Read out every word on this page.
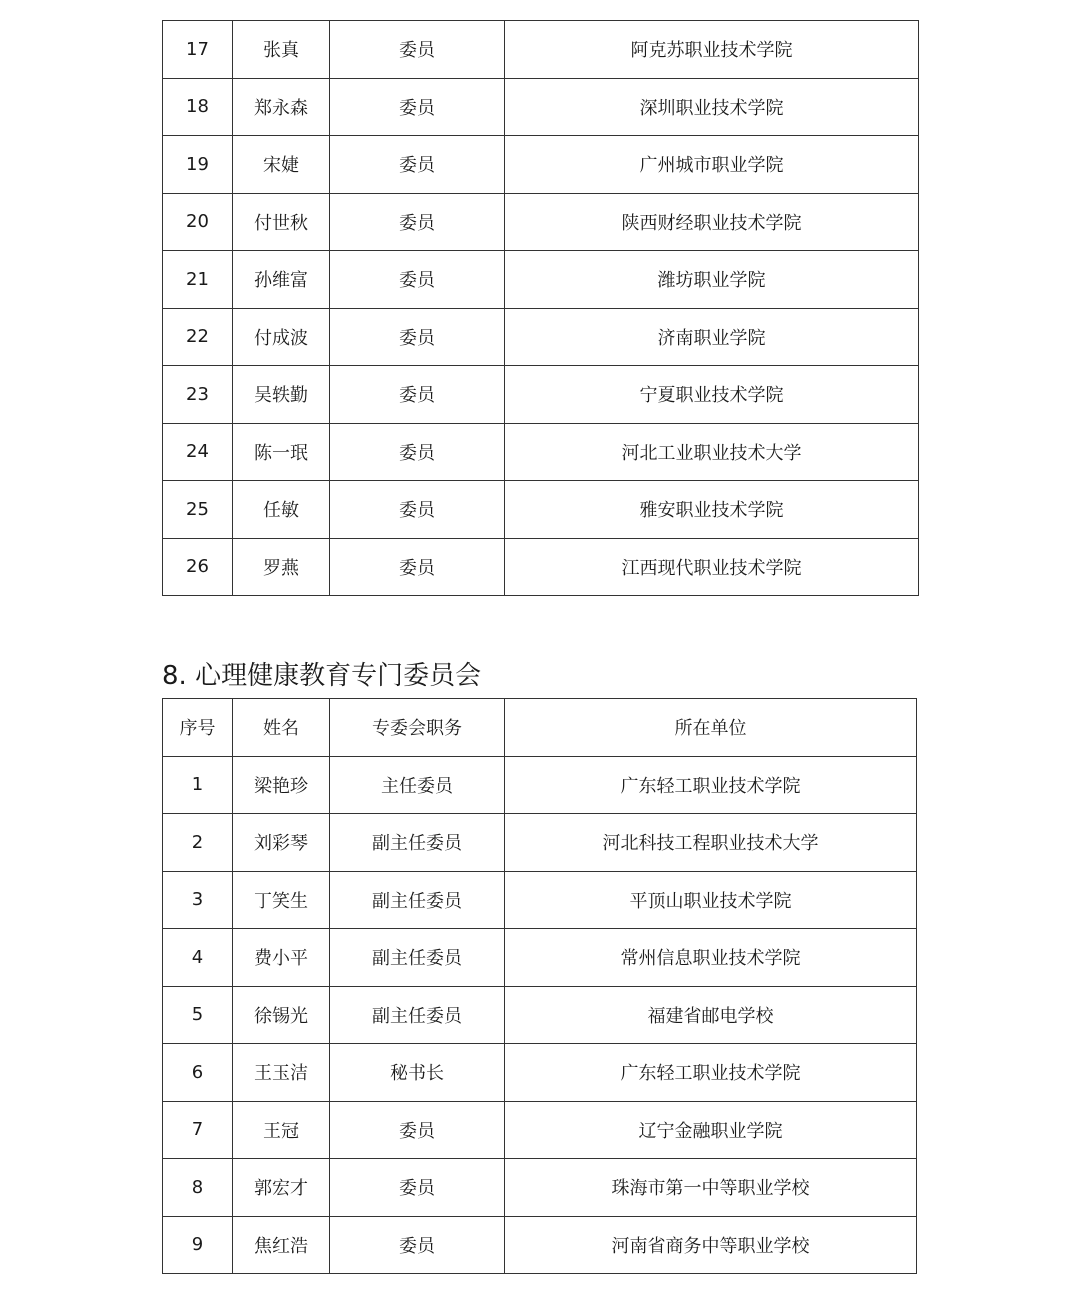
17	张真	委员	阿克苏职业技术学院
18	郑永森	委员	深圳职业技术学院
19	宋婕	委员	广州城市职业学院
20	付世秋	委员	陕西财经职业技术学院
21	孙维富	委员	潍坊职业学院
22	付成波	委员	济南职业学院
23	吴轶勤	委员	宁夏职业技术学院
24	陈一珉	委员	河北工业职业技术大学
25	任敏	委员	雅安职业技术学院
26	罗燕	委员	江西现代职业技术学院
8. 心理健康教育专门委员会
序号	姓名	专委会职务	所在单位
1	梁艳珍	主任委员	广东轻工职业技术学院
2	刘彩琴	副主任委员	河北科技工程职业技术大学
3	丁笑生	副主任委员	平顶山职业技术学院
4	费小平	副主任委员	常州信息职业技术学院
5	徐锡光	副主任委员	福建省邮电学校
6	王玉洁	秘书长	广东轻工职业技术学院
7	王冠	委员	辽宁金融职业学院
8	郭宏才	委员	珠海市第一中等职业学校
9	焦红浩	委员	河南省商务中等职业学校
